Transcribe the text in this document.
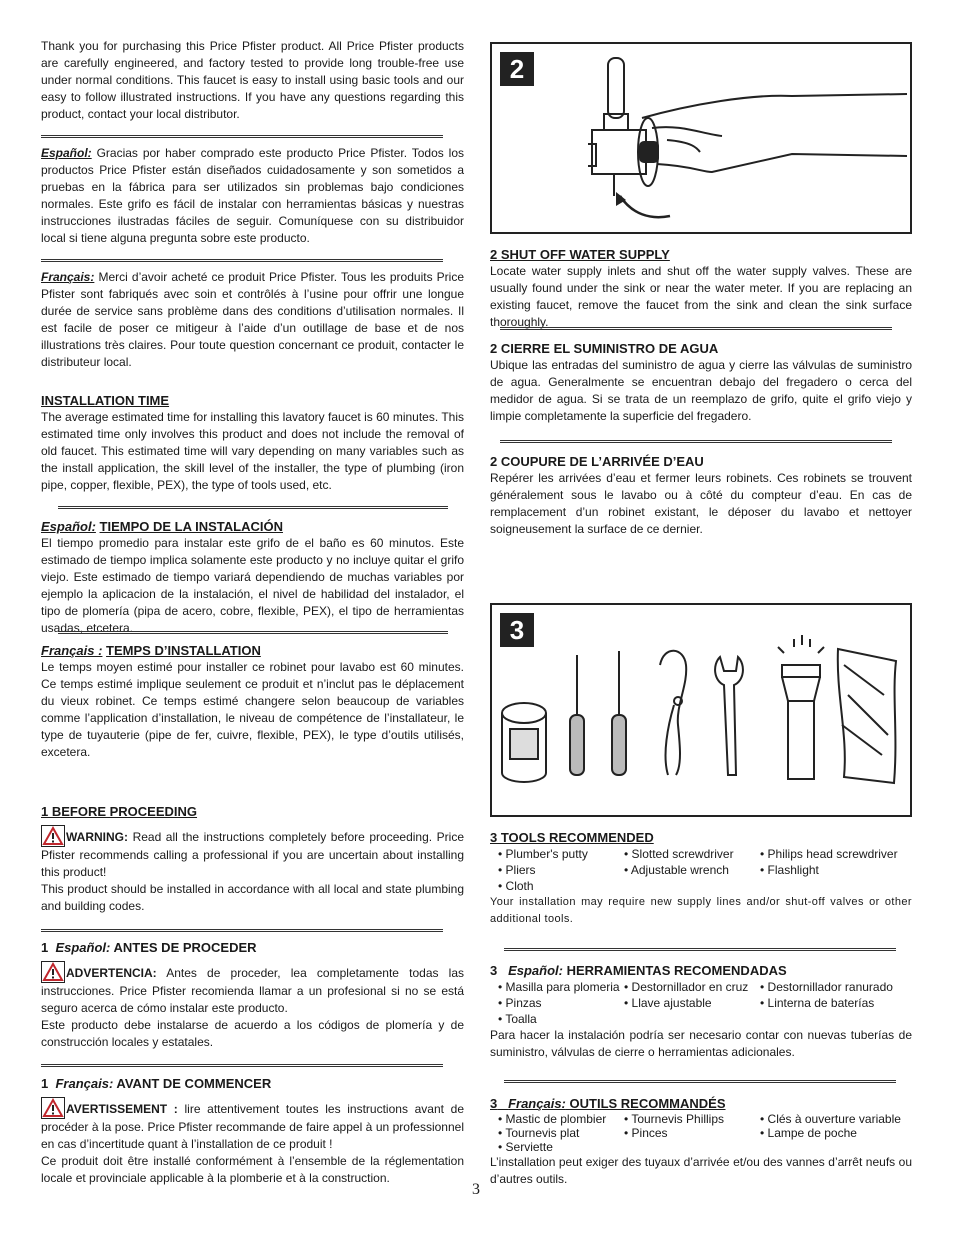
Thank you for purchasing this Price Pfister product. All Price Pfister products are carefully engineered, and factory tested to provide long trouble-free use under normal conditions. This faucet is easy to install using basic tools and our easy to follow illustrated instructions. If you have any questions regarding this product, contact your local distributor.

Español: Gracias por haber comprado este producto Price Pfister. Todos los productos Price Pfister están diseñados cuidadosamente y son sometidos a pruebas en la fábrica para ser utilizados sin problemas bajo condiciones normales. Este grifo es fácil de instalar con herramientas básicas y nuestras instrucciones ilustradas fáciles de seguir. Comuníquese con su distribuidor local si tiene alguna pregunta sobre este producto.

Français: Merci d’avoir acheté ce produit Price Pfister. Tous les produits Price Pfister sont fabriqués avec soin et contrôlés à l’usine pour offrir une longue durée de service sans problème dans des conditions d’utilisation normales. Il est facile de poser ce mitigeur à l’aide d’un outillage de base et de nos illustrations très claires. Pour toute question concernant ce produit, contacter le distributeur local.

INSTALLATION TIME

The average estimated time for installing this lavatory faucet is 60 minutes. This estimated time only involves this product and does not include the removal of old faucet. This estimated time will vary depending on many variables such as the install application, the skill level of the installer, the type of plumbing (iron pipe, copper, flexible, PEX), the type of tools used, etc.

Español: TIEMPO DE LA INSTALACIÓN

El tiempo promedio para instalar este grifo de el baño es 60 minutos. Este estimado de tiempo implica solamente este producto y no incluye quitar el grifo viejo. Este estimado de tiempo variará dependiendo de muchas variables por ejemplo la aplicacion de la instalación, el nivel de habilidad del instalador, el tipo de plomería (pipa de acero, cobre, flexible, PEX), el tipo de herramientas usadas, etcetera.

Français : TEMPS D’INSTALLATION

Le temps moyen estimé pour installer ce robinet pour lavabo est 60 minutes. Ce temps estimé implique seulement ce produit et n’inclut pas le déplacement du vieux robinet. Ce temps estimé changere selon beaucoup de variables comme l’application d’installation, le niveau de compétence de l’installateur, le type de tuyauterie (pipe de fer, cuivre, flexible, PEX), le type d’outils utilisés, excetera.

1 BEFORE PROCEEDING

WARNING: Read all the instructions completely before proceeding. Price Pfister recommends calling a professional if you are uncertain about installing this product!

This product should be installed in accordance with all local and state plumbing and building codes.

1 Español: ANTES DE PROCEDER

ADVERTENCIA: Antes de proceder, lea completamente todas las instrucciones. Price Pfister recomienda llamar a un profesional si no se está seguro acerca de cómo instalar este producto.

Este producto debe instalarse de acuerdo a los códigos de plomería y de construcción locales y estatales.

1 Français: AVANT DE COMMENCER

AVERTISSEMENT : lire attentivement toutes les instructions avant de procéder à la pose. Price Pfister recommande de faire appel à un professionnel en cas d’incertitude quant à l’installation de ce produit !

Ce produit doit être installé conformément à l’ensemble de la réglementation locale et provinciale applicable à la plomberie et à la construction.

2
2 SHUT OFF WATER SUPPLY

Locate water supply inlets and shut off the water supply valves. These are usually found under the sink or near the water meter. If you are replacing an existing faucet, remove the faucet from the sink and clean the sink surface thoroughly.

2 CIERRE EL SUMINISTRO DE AGUA

Ubique las entradas del suministro de agua y cierre las válvulas de suministro de agua. Generalmente se encuentran debajo del fregadero o cerca del medidor de agua. Si se trata de un reemplazo de grifo, quite el grifo viejo y limpie completamente la superficie del fregadero.

2 COUPURE DE L’ARRIVÉE D’EAU

Repérer les arrivées d’eau et fermer leurs robinets. Ces robinets se trouvent généralement sous le lavabo ou à côté du compteur d’eau. En cas de remplacement d’un robinet existant, le déposer du lavabo et nettoyer soigneusement la surface de ce dernier.

3
3 TOOLS RECOMMENDED
• Plumber's putty	• Slotted screwdriver	• Philips head screwdriver
• Pliers	• Adjustable wrench	• Flashlight
• Cloth

Your installation may require new supply lines and/or shut-off valves or other additional tools.

3 Español: HERRAMIENTAS RECOMENDADAS
• Masilla para plomeria • Destornillador en cruz • Destornillador ranurado
• Pinzas	• Llave ajustable	• Linterna de baterías
• Toalla

Para hacer la instalación podría ser necesario contar con nuevas tuberías de suministro, válvulas de cierre o herramientas adicionales.

3 Français: OUTILS RECOMMANDÉS
• Mastic de plombier	• Tournevis Phillips	• Clés à ouverture variable
• Tournevis plat	• Pinces	• Lampe de poche
• Serviette

L’installation peut exiger des tuyaux d’arrivée et/ou des vannes d’arrêt neufs ou d’autres outils.

3
